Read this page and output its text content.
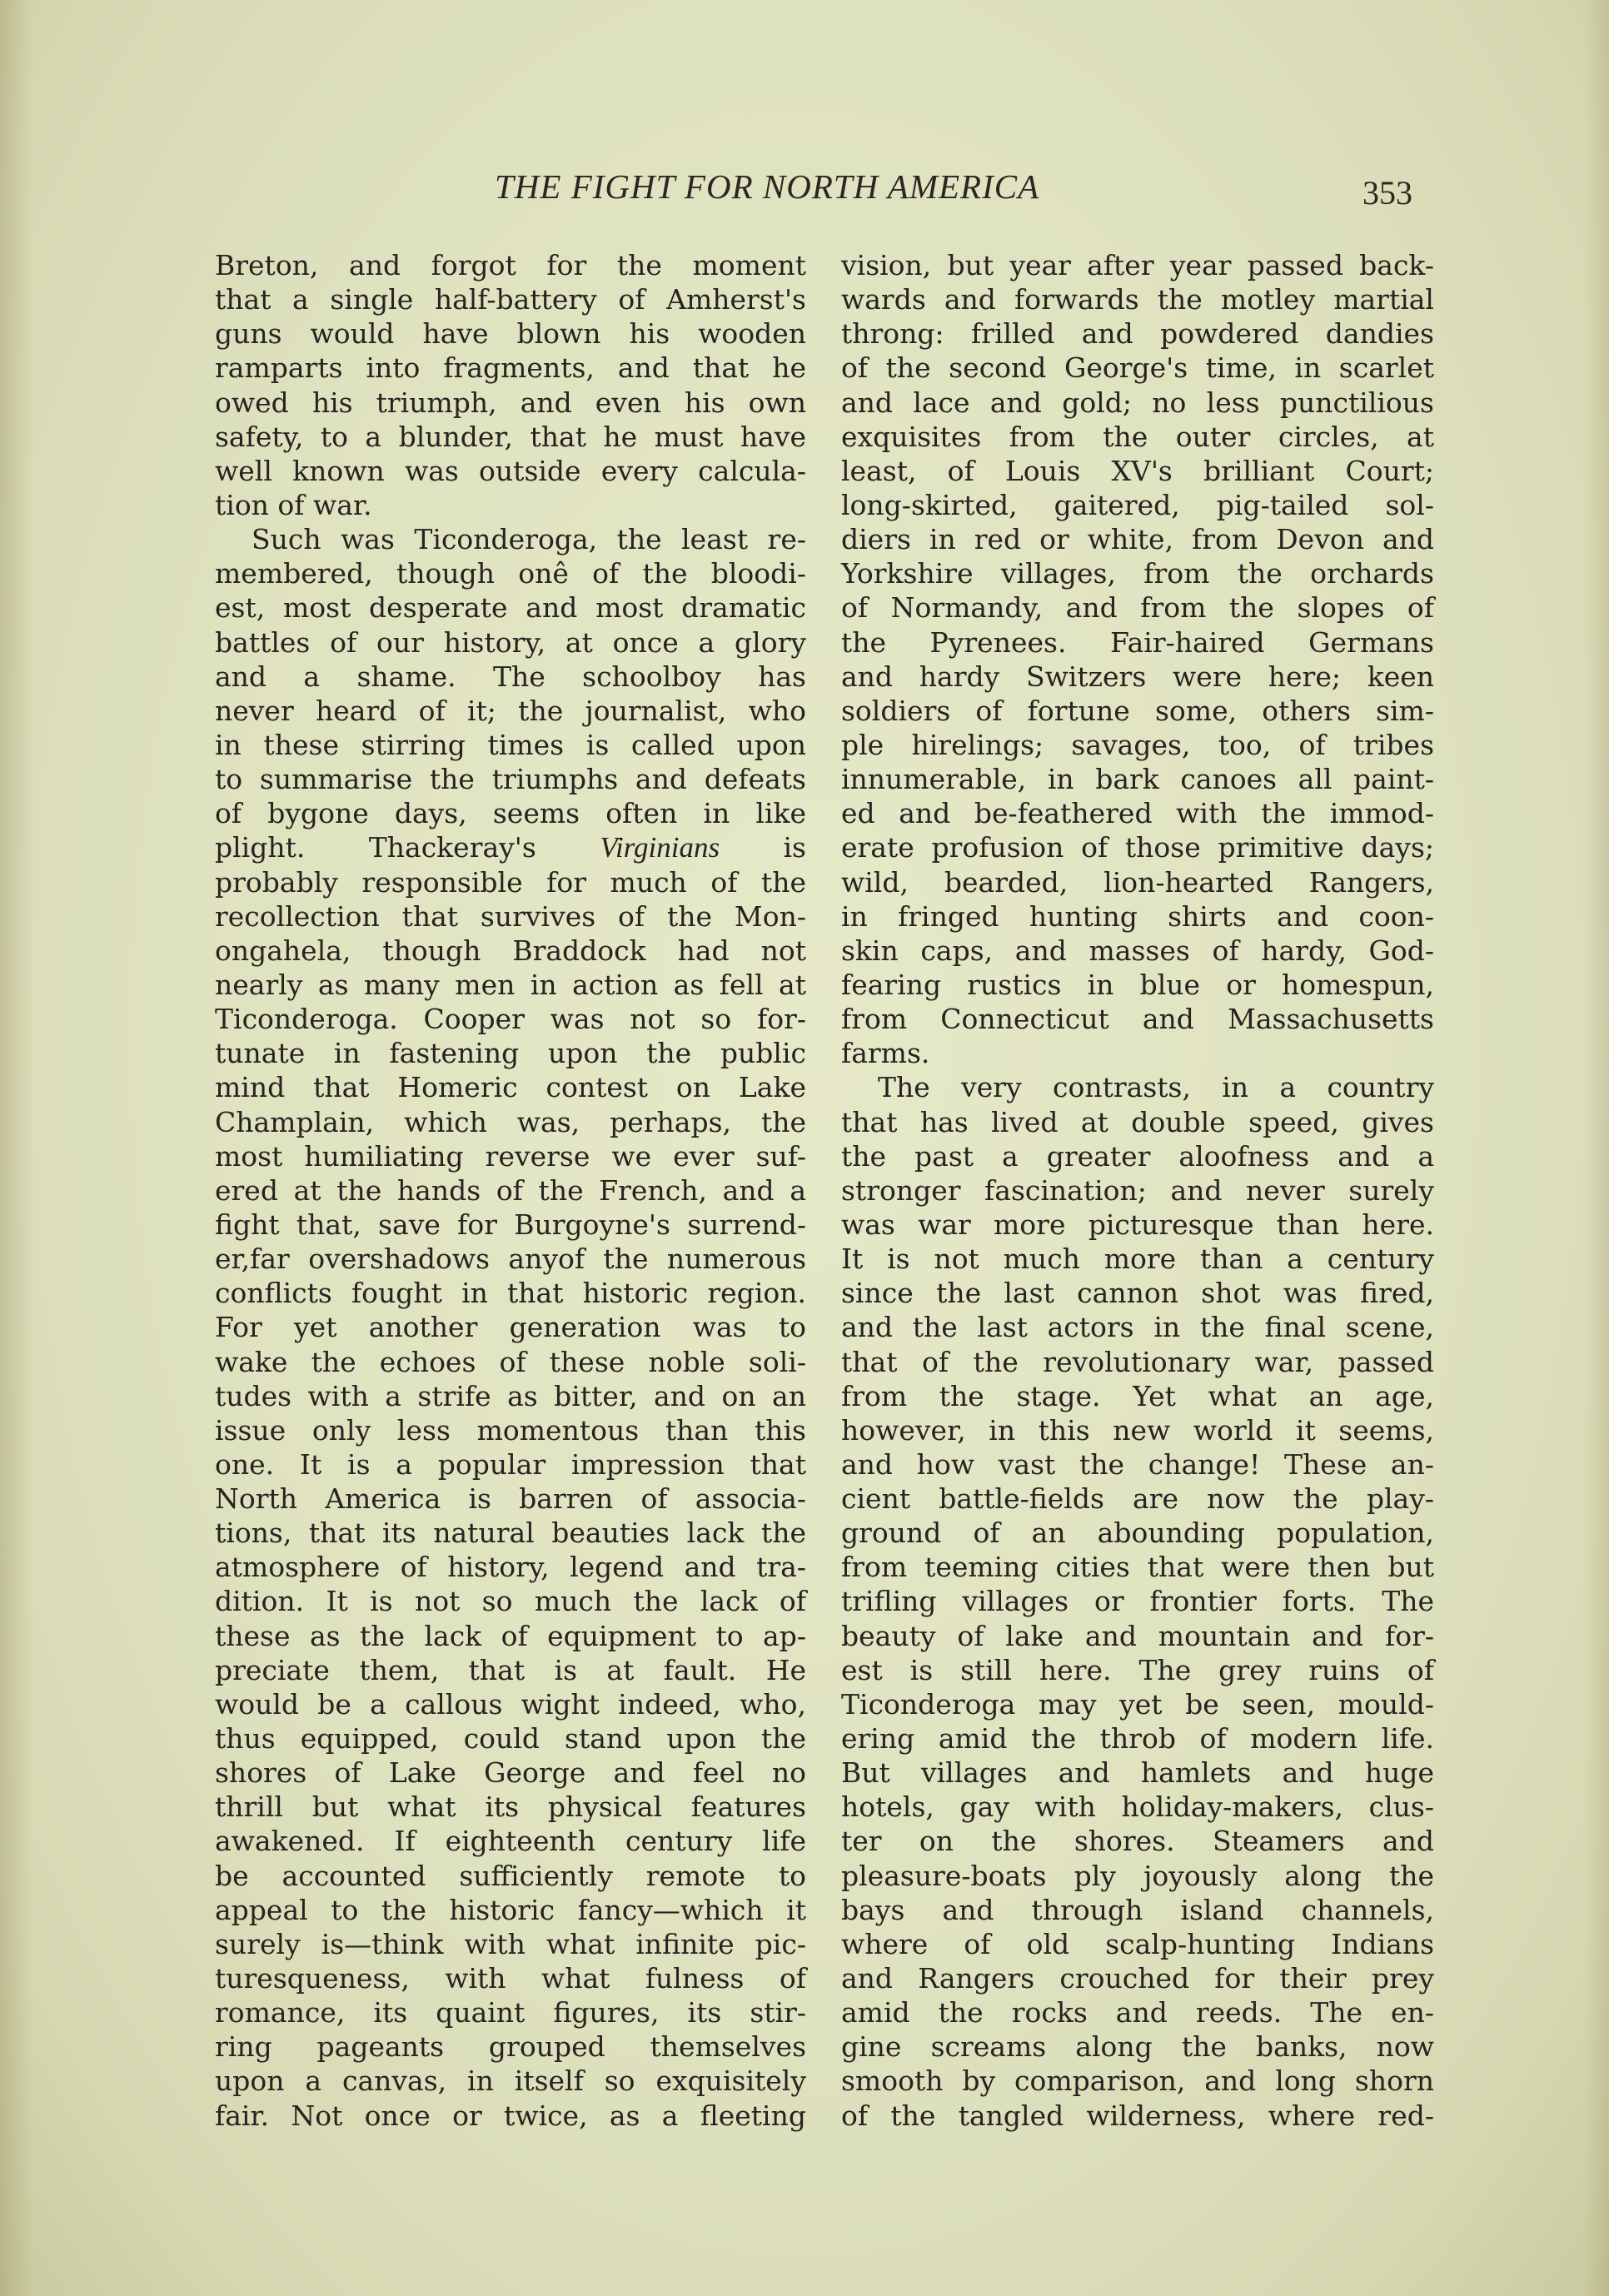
THE FIGHT FOR NORTH AMERICA	353
Breton, and forgot for the moment
that a single half-battery of Amherst's
guns would have blown his wooden
ramparts into fragments, and that he
owed his triumph, and even his own
safety, to a blunder, that he must have
well known was outside every calcula-
tion of war.
Such was Ticonderoga, the least re-
membered, though onê of the bloodi-
est, most desperate and most dramatic
battles of our history, at once a glory
and a shame. The schoolboy has
never heard of it; the journalist, who
in these stirring times is called upon
to summarise the triumphs and defeats
of bygone days, seems often in like
plight. Thackeray's Virginians is
probably responsible for much of the
recollection that survives of the Mon-
ongahela, though Braddock had not
nearly as many men in action as fell at
Ticonderoga. Cooper was not so for-
tunate in fastening upon the public
mind that Homeric contest on Lake
Champlain, which was, perhaps, the
most humiliating reverse we ever suf-
ered at the hands of the French, and a
fight that, save for Burgoyne's surrend-
er,far overshadows anyof the numerous
conflicts fought in that historic region.
For yet another generation was to
wake the echoes of these noble soli-
tudes with a strife as bitter, and on an
issue only less momentous than this
one. It is a popular impression that
North America is barren of associa-
tions, that its natural beauties lack the
atmosphere of history, legend and tra-
dition. It is not so much the lack of
these as the lack of equipment to ap-
preciate them, that is at fault. He
would be a callous wight indeed, who,
thus equipped, could stand upon the
shores of Lake George and feel no
thrill but what its physical features
awakened. If eighteenth century life
be accounted sufficiently remote to
appeal to the historic fancy—which it
surely is—think with what infinite pic-
turesqueness, with what fulness of
romance, its quaint figures, its stir-
ring pageants grouped themselves
upon a canvas, in itself so exquisitely
fair. Not once or twice, as a fleeting
vision, but year after year passed back-
wards and forwards the motley martial
throng: frilled and powdered dandies
of the second George's time, in scarlet
and lace and gold; no less punctilious
exquisites from the outer circles, at
least, of Louis XV's brilliant Court;
long-skirted, gaitered, pig-tailed sol-
diers in red or white, from Devon and
Yorkshire villages, from the orchards
of Normandy, and from the slopes of
the Pyrenees. Fair-haired Germans
and hardy Switzers were here; keen
soldiers of fortune some, others sim-
ple hirelings; savages, too, of tribes
innumerable, in bark canoes all paint-
ed and be-feathered with the immod-
erate profusion of those primitive days;
wild, bearded, lion-hearted Rangers,
in fringed hunting shirts and coon-
skin caps, and masses of hardy, God-
fearing rustics in blue or homespun,
from Connecticut and Massachusetts
farms.
The very contrasts, in a country
that has lived at double speed, gives
the past a greater aloofness and a
stronger fascination; and never surely
was war more picturesque than here.
It is not much more than a century
since the last cannon shot was fired,
and the last actors in the final scene,
that of the revolutionary war, passed
from the stage. Yet what an age,
however, in this new world it seems,
and how vast the change! These an-
cient battle-fields are now the play-
ground of an abounding population,
from teeming cities that were then but
trifling villages or frontier forts. The
beauty of lake and mountain and for-
est is still here. The grey ruins of
Ticonderoga may yet be seen, mould-
ering amid the throb of modern life.
But villages and hamlets and huge
hotels, gay with holiday-makers, clus-
ter on the shores. Steamers and
pleasure-boats ply joyously along the
bays and through island channels,
where of old scalp-hunting Indians
and Rangers crouched for their prey
amid the rocks and reeds. The en-
gine screams along the banks, now
smooth by comparison, and long shorn
of the tangled wilderness, where red-
